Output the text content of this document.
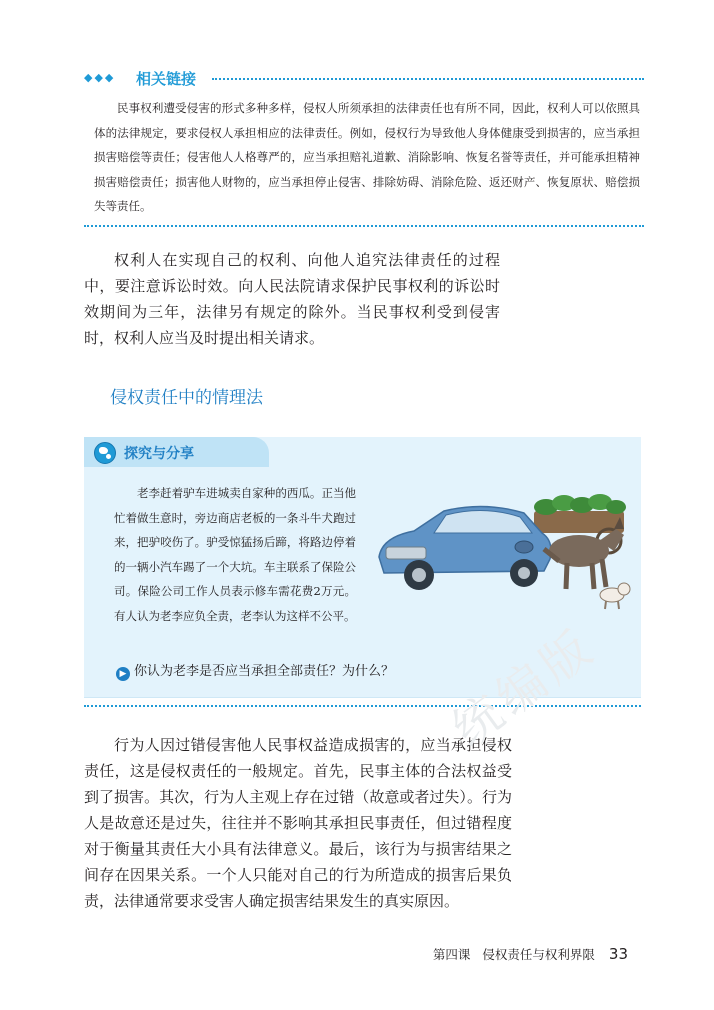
◆◆◆ 相关链接
民事权利遭受侵害的形式多种多样，侵权人所须承担的法律责任也有所不同，因此，权利人可以依照具体的法律规定，要求侵权人承担相应的法律责任。例如，侵权行为导致他人身体健康受到损害的，应当承担损害赔偿等责任；侵害他人人格尊严的，应当承担赔礼道歉、消除影响、恢复名誉等责任，并可能承担精神损害赔偿责任；损害他人财物的，应当承担停止侵害、排除妨碍、消除危险、返还财产、恢复原状、赔偿损失等责任。
权利人在实现自己的权利、向他人追究法律责任的过程中，要注意诉讼时效。向人民法院请求保护民事权利的诉讼时效期间为三年，法律另有规定的除外。当民事权利受到侵害时，权利人应当及时提出相关请求。
侵权责任中的情理法
探究与分享
老李赶着驴车进城卖自家种的西瓜。正当他忙着做生意时，旁边商店老板的一条斗牛犬跑过来，把驴咬伤了。驴受惊猛扬后蹄，将路边停着的一辆小汽车踢了一个大坑。车主联系了保险公司。保险公司工作人员表示修车需花费2万元。有人认为老李应负全责，老李认为这样不公平。
▶ 你认为老李是否应当承担全部责任？为什么？
行为人因过错侵害他人民事权益造成损害的，应当承担侵权责任，这是侵权责任的一般规定。首先，民事主体的合法权益受到了损害。其次，行为人主观上存在过错（故意或者过失）。行为人是故意还是过失，往往并不影响其承担民事责任，但过错程度对于衡量其责任大小具有法律意义。最后，该行为与损害结果之间存在因果关系。一个人只能对自己的行为所造成的损害后果负责，法律通常要求受害人确定损害结果发生的真实原因。
统编版
第四课 侵权责任与权利界限 33
